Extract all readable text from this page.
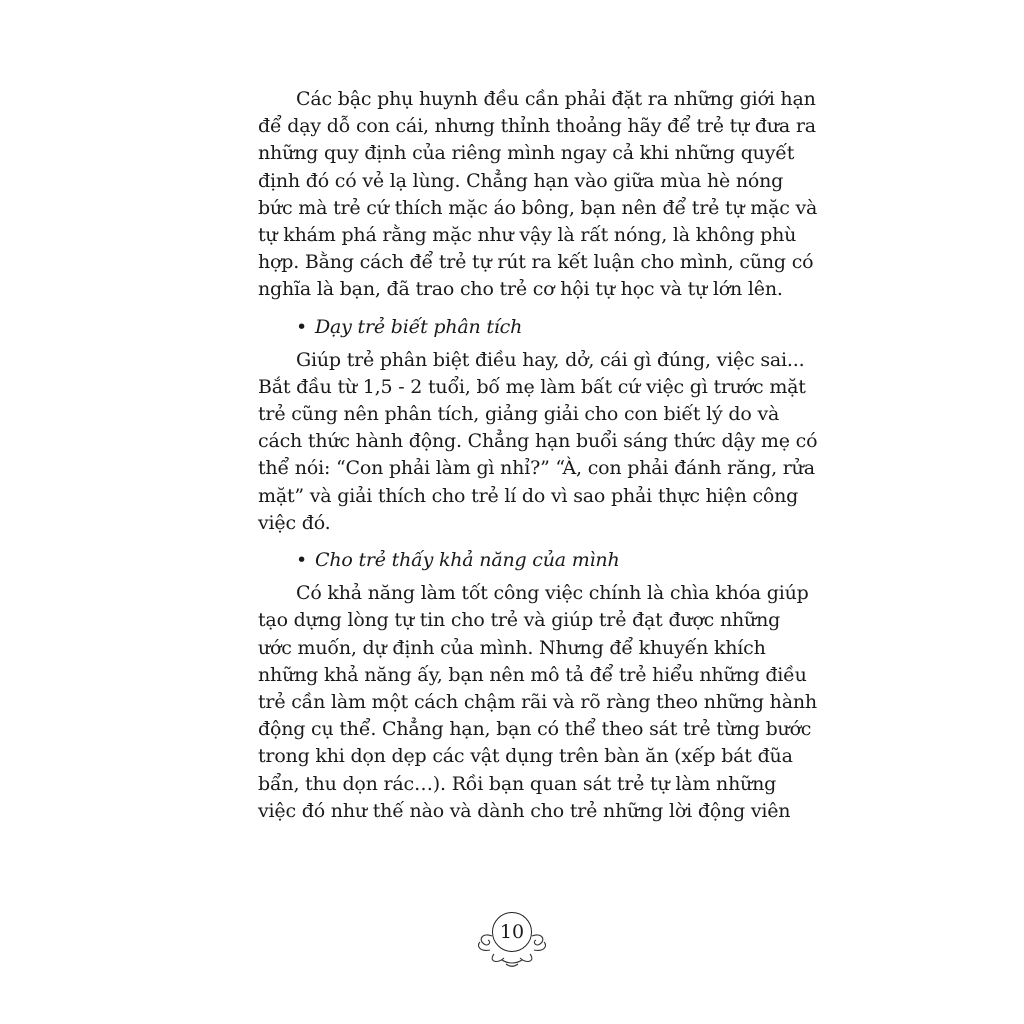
Các bậc phụ huynh đều cần phải đặt ra những giới hạn
để dạy dỗ con cái, nhưng thỉnh thoảng hãy để trẻ tự đưa ra
những quy định của riêng mình ngay cả khi những quyết
định đó có vẻ lạ lùng. Chẳng hạn vào giữa mùa hè nóng
bức mà trẻ cứ thích mặc áo bông, bạn nên để trẻ tự mặc và
tự khám phá rằng mặc như vậy là rất nóng, là không phù
hợp. Bằng cách để trẻ tự rút ra kết luận cho mình, cũng có
nghĩa là bạn, đã trao cho trẻ cơ hội tự học và tự lớn lên.
• Dạy trẻ biết phân tích
Giúp trẻ phân biệt điều hay, dở, cái gì đúng, việc sai...
Bắt đầu từ 1,5 - 2 tuổi, bố mẹ làm bất cứ việc gì trước mặt
trẻ cũng nên phân tích, giảng giải cho con biết lý do và
cách thức hành động. Chẳng hạn buổi sáng thức dậy mẹ có
thể nói: “Con phải làm gì nhỉ?” “À, con phải đánh răng, rửa
mặt” và giải thích cho trẻ lí do vì sao phải thực hiện công
việc đó.
• Cho trẻ thấy khả năng của mình
Có khả năng làm tốt công việc chính là chìa khóa giúp
tạo dựng lòng tự tin cho trẻ và giúp trẻ đạt được những
ước muốn, dự định của mình. Nhưng để khuyến khích
những khả năng ấy, bạn nên mô tả để trẻ hiểu những điều
trẻ cần làm một cách chậm rãi và rõ ràng theo những hành
động cụ thể. Chẳng hạn, bạn có thể theo sát trẻ từng bước
trong khi dọn dẹp các vật dụng trên bàn ăn (xếp bát đũa
bẩn, thu dọn rác…). Rồi bạn quan sát trẻ tự làm những
việc đó như thế nào và dành cho trẻ những lời động viên
10
